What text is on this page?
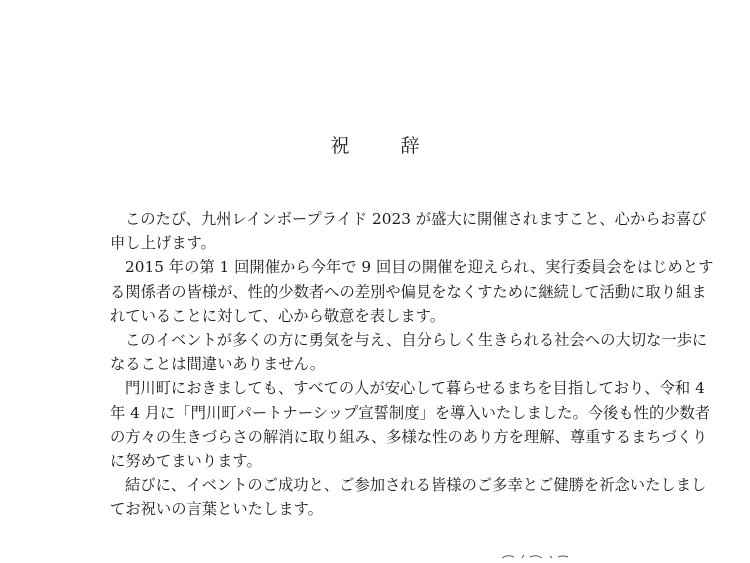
祝　辞
このたび、九州レインボープライド 2023 が盛大に開催されますこと、心からお喜び
申し上げます。
2015 年の第 1 回開催から今年で 9 回目の開催を迎えられ、実行委員会をはじめとす
る関係者の皆様が、性的少数者への差別や偏見をなくすために継続して活動に取り組ま
れていることに対して、心から敬意を表します。
このイベントが多くの方に勇気を与え、自分らしく生きられる社会への大切な一歩に
なることは間違いありません。
門川町におきましても、すべての人が安心して暮らせるまちを目指しており、令和 4
年 4 月に「門川町パートナーシップ宣誓制度」を導入いたしました。今後も性的少数者
の方々の生きづらさの解消に取り組み、多様な性のあり方を理解、尊重するまちづくり
に努めてまいります。
結びに、イベントのご成功と、ご参加される皆様のご多幸とご健勝を祈念いたしまし
てお祝いの言葉といたします。
